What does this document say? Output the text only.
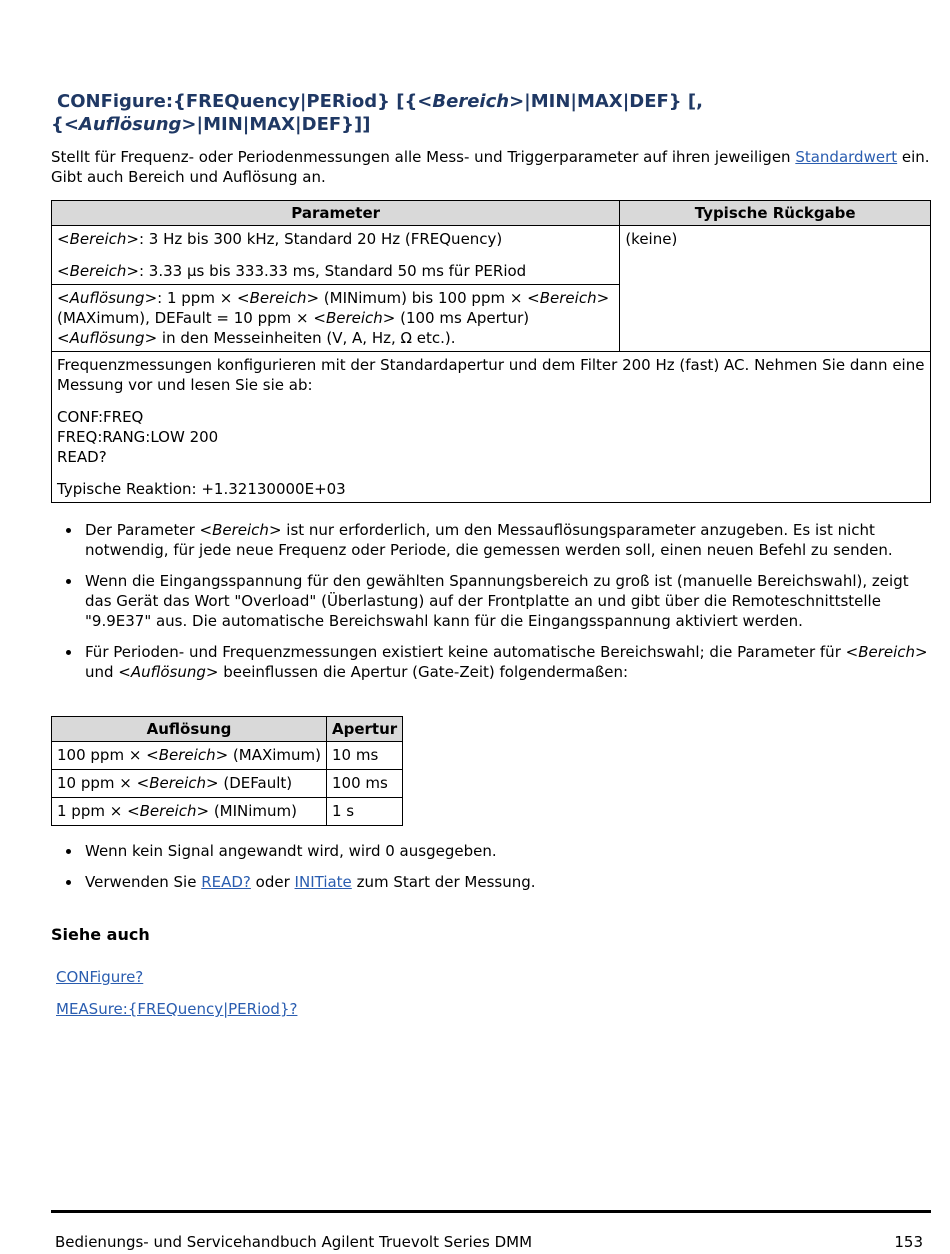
CONFigure:{FREQuency|PERiod} [{<Bereich>|MIN|MAX|DEF} [,
{<Auflösung>|MIN|MAX|DEF}]]

Stellt für Frequenz- oder Periodenmessungen alle Mess- und Triggerparameter auf ihren jeweiligen Standardwert ein. Gibt auch Bereich und Auflösung an.

Parameter	Typische Rückgabe

<Bereich>: 3 Hz bis 300 kHz, Standard 20 Hz (FREQuency)

<Bereich>: 3.33 µs bis 333.33 ms, Standard 50 ms für PERiod	(keine)
<Auflösung>: 1 ppm × <Bereich> (MINimum) bis 100 ppm × <Bereich> (MAXimum), DEFault = 10 ppm × <Bereich> (100 ms Apertur) <Auflösung> in den Messeinheiten (V, A, Hz, Ω etc.).	

Frequenzmessungen konfigurieren mit der Standardapertur und dem Filter 200 Hz (fast) AC. Nehmen Sie dann eine Messung vor und lesen Sie sie ab:

CONF:FREQ
FREQ:RANG:LOW 200
READ?

Typische Reaktion: +1.32130000E+03	

Der Parameter <Bereich> ist nur erforderlich, um den Messauflösungsparameter anzugeben. Es ist nicht notwendig, für jede neue Frequenz oder Periode, die gemessen werden soll, einen neuen Befehl zu senden.
Wenn die Eingangsspannung für den gewählten Spannungsbereich zu groß ist (manuelle Bereichswahl), zeigt das Gerät das Wort "Overload" (Überlastung) auf der Frontplatte an und gibt über die Remoteschnittstelle "9.9E37" aus. Die automatische Bereichswahl kann für die Eingangsspannung aktiviert werden.
Für Perioden- und Frequenzmessungen existiert keine automatische Bereichswahl; die Parameter für <Bereich> und <Auflösung> beeinflussen die Apertur (Gate-Zeit) folgendermaßen:
Auflösung	Apertur
100 ppm × <Bereich> (MAXimum)	10 ms
10 ppm × <Bereich> (DEFault)	100 ms
1 ppm × <Bereich> (MINimum)	1 s
Wenn kein Signal angewandt wird, wird 0 ausgegeben.
Verwenden Sie READ? oder INITiate zum Start der Messung.
Siehe auch
CONFigure?
MEASure:{FREQuency|PERiod}?
Bedienungs- und Servicehandbuch Agilent Truevolt Series DMM	153
